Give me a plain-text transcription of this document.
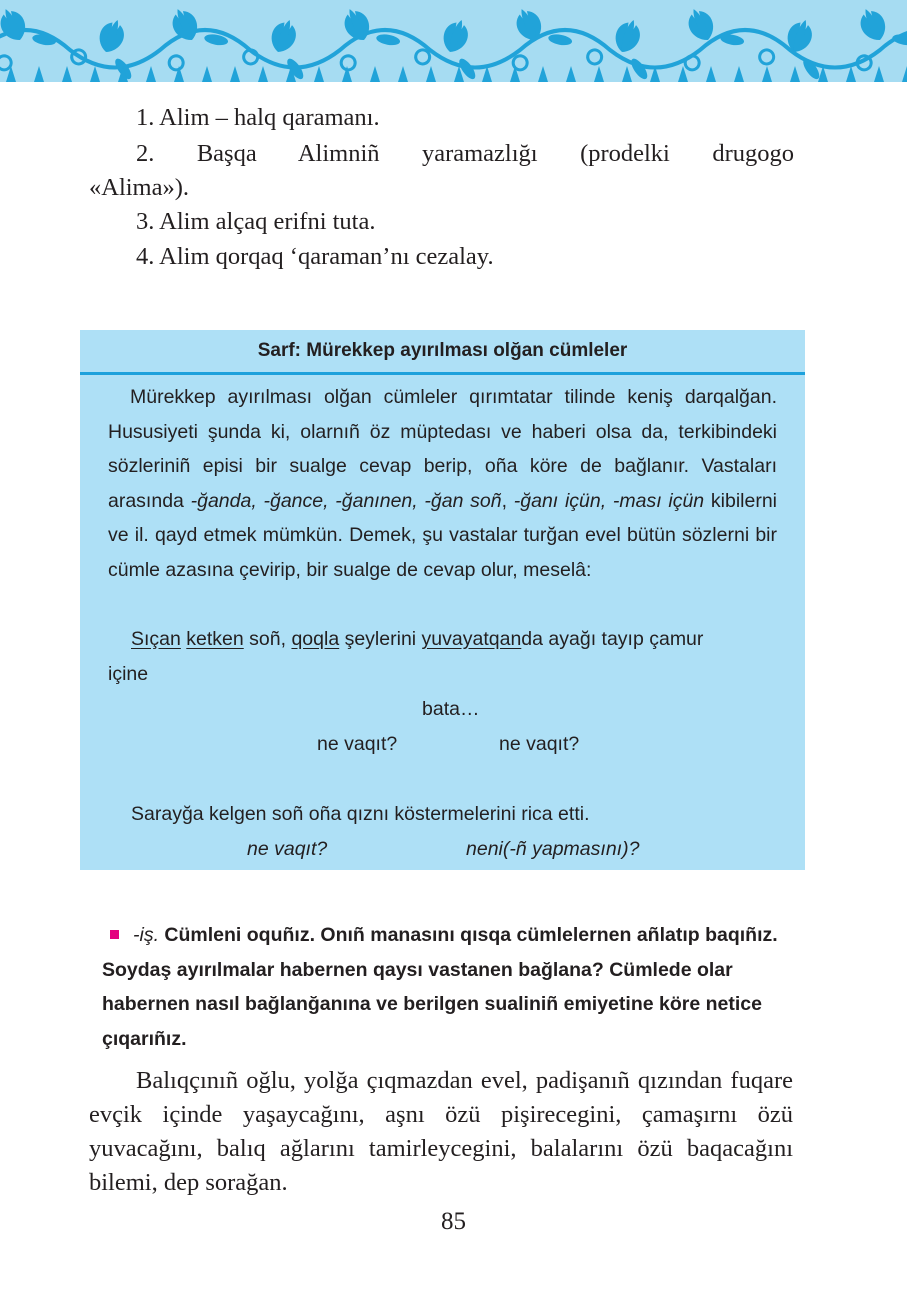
1. Alim – halq qaramanı.

2. Başqa Alimniñ yaramazlığı (prodelki drugogo

«Alima»).

3. Alim alçaq erifni tuta.

4. Alim qorqaq ‘qaraman’nı cezalay.

Sarf: Mürekkep ayırılması olğan cümleler

Mürekkep ayırılması olğan cümleler qırımtatar tilinde keniş darqalğan. Hususiyeti şunda ki, olarnıñ öz müptedası ve haberi olsa da, terkibindeki sözleriniñ episi bir sualge cevap berip, oña köre de bağlanır. Vastaları arasında -ğanda, -ğance, -ğanınen, -ğan soñ, -ğanı içün, -ması içün kibilerni ve il. qayd etmek mümkün. Demek, şu vastalar turğan evel bütün sözlerni bir cümle azasına çevirip, bir sualge de cevap olur, meselâ:

Sıçan ketken soñ, qoqla şeylerini yuvayatqanda ayağı tayıp çamur

içine

bata…

ne vaqıt?	ne vaqıt?

Sarayğa kelgen soñ oña qıznı köstermelerini rica etti.

ne vaqıt?	neni(-ñ yapmasını)?

-iş. Cümleni oquñız. Onıñ manasını qısqa cümlelernen añlatıp baqıñız. Soydaş ayırılmalar habernen qaysı vastanen bağlana? Cümlede olar habernen nasıl bağlanğanına ve berilgen sualiniñ emiyetine köre netice çıqarıñız.

Balıqçınıñ oğlu, yolğa çıqmazdan evel, padişanıñ qızından fuqare evçik içinde yaşaycağını, aşnı özü pişirecegini, çamaşırnı özü yuvacağını, balıq ağlarını tamirleycegini, balalarını özü baqacağını bilemi, dep sorağan.

85
